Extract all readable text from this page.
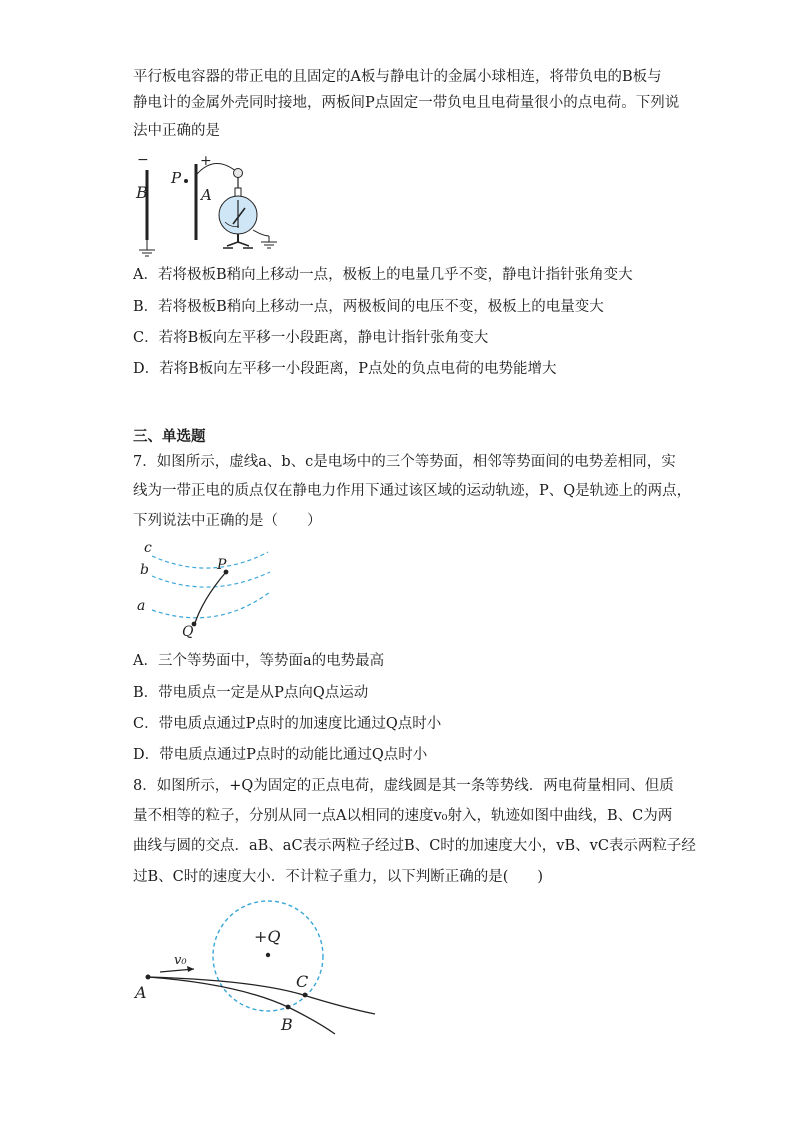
平行板电容器的带正电的且固定的A板与静电计的金属小球相连，将带负电的B板与
静电计的金属外壳同时接地，两板间P点固定一带负电且电荷量很小的点电荷。下列说
法中正确的是
−	+
B
P
A
A．若将极板B稍向上移动一点，极板上的电量几乎不变，静电计指针张角变大
B．若将极板B稍向上移动一点，两极板间的电压不变，极板上的电量变大
C．若将B板向左平移一小段距离，静电计指针张角变大
D．若将B板向左平移一小段距离，P点处的负点电荷的电势能增大
三、单选题
7．如图所示，虚线a、b、c是电场中的三个等势面，相邻等势面间的电势差相同，实
线为一带正电的质点仅在静电力作用下通过该区域的运动轨迹，P、Q是轨迹上的两点，
下列说法中正确的是（　　）
c
b
a
P
Q
A．三个等势面中，等势面a的电势最高
B．带电质点一定是从P点向Q点运动
C．带电质点通过P点时的加速度比通过Q点时小
D．带电质点通过P点时的动能比通过Q点时小
8．如图所示，+Q为固定的正点电荷，虚线圆是其一条等势线．两电荷量相同、但质
量不相等的粒子，分别从同一点A以相同的速度v₀射入，轨迹如图中曲线，B、C为两
曲线与圆的交点．aB、aC表示两粒子经过B、C时的加速度大小，vB、vC表示两粒子经
过B、C时的速度大小．不计粒子重力，以下判断正确的是(　　)
+Q
v₀
A
C
B
